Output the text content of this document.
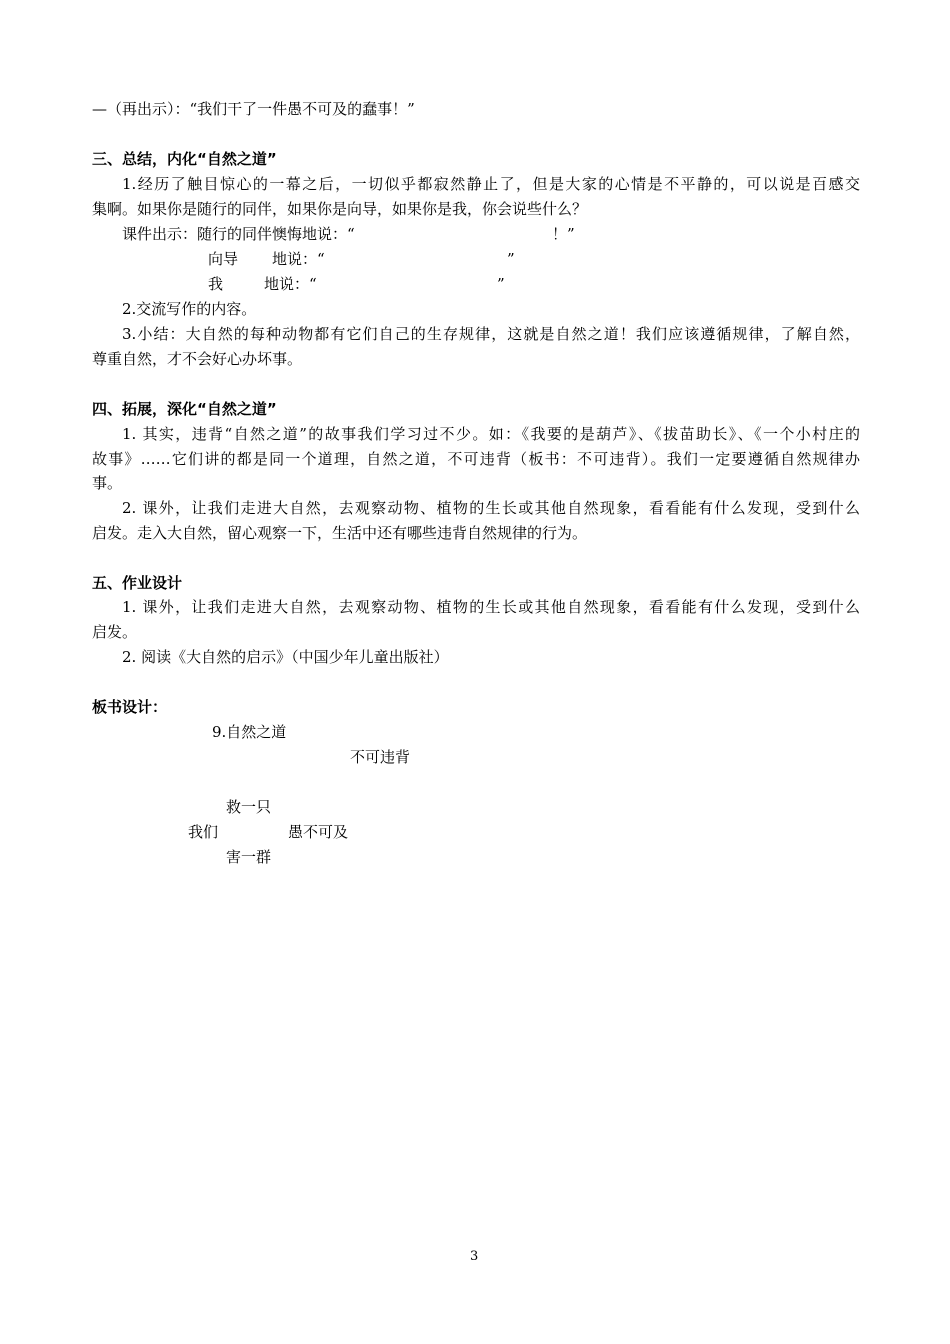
—（再出示）：“我们干了一件愚不可及的蠢事！”
三、总结，内化“自然之道”
1.经历了触目惊心的一幕之后，一切似乎都寂然静止了，但是大家的心情是不平静的，可以说是百感交
集啊。如果你是随行的同伴，如果你是向导，如果你是我，你会说些什么？
课件出示：随行的同伴懊悔地说：“	！”
向导 地说：“	”
我	地说：“	”
2.交流写作的内容。
3.小结：大自然的每种动物都有它们自己的生存规律，这就是自然之道！我们应该遵循规律，了解自然，
尊重自然，才不会好心办坏事。
四、拓展，深化“自然之道”
1. 其实，违背“自然之道”的故事我们学习过不少。如：《我要的是葫芦》、《拔苗助长》、《一个小村庄的
故事》……它们讲的都是同一个道理，自然之道，不可违背（板书：不可违背）。我们一定要遵循自然规律办
事。
2. 课外，让我们走进大自然，去观察动物、植物的生长或其他自然现象，看看能有什么发现，受到什么
启发。走入大自然，留心观察一下，生活中还有哪些违背自然规律的行为。
五、作业设计
1. 课外，让我们走进大自然，去观察动物、植物的生长或其他自然现象，看看能有什么发现，受到什么
启发。
2. 阅读《大自然的启示》（中国少年儿童出版社）
板书设计：
9.自然之道
不可违背
救一只
我们	愚不可及
害一群
3
